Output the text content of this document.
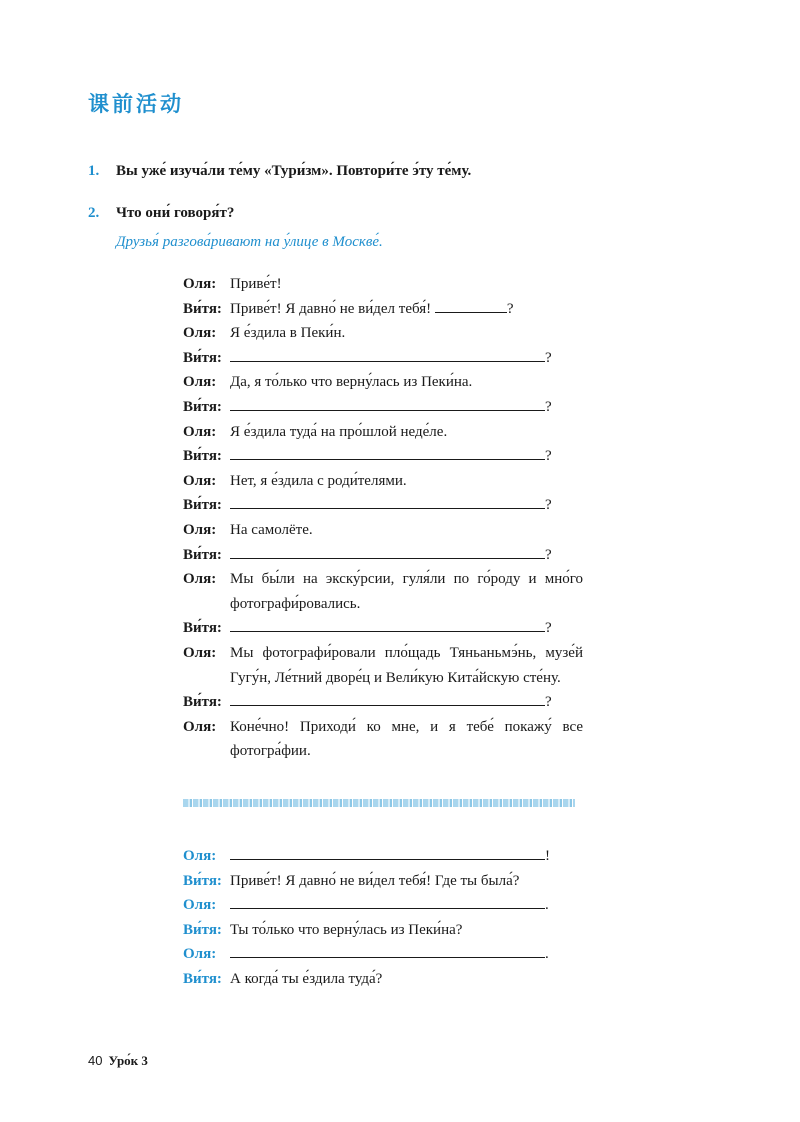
课前活动
1. Вы уже́ изуча́ли те́му «Тури́зм». Повтори́те э́ту те́му.
2. Что они́ говоря́т?
Друзья́ разгова́ривают на у́лице в Москве́.
Оля: Приве́т!
Ви́тя: Приве́т! Я давно́ не ви́дел тебя́!	?
Оля: Я е́здила в Пеки́н.
Ви́тя:	?
Оля: Да, я то́лько что верну́лась из Пеки́на.
Ви́тя:	?
Оля: Я е́здила туда́ на про́шлой неде́ле.
Ви́тя:	?
Оля: Нет, я е́здила с роди́телями.
Ви́тя:	?
Оля: На самолёте.
Ви́тя:	?
Оля: Мы бы́ли на экску́рсии, гуля́ли по го́роду и мно́го фотографи́ровались.
Ви́тя:	?
Оля: Мы фотографи́ровали пло́щадь Тяньаньмэ́нь, музе́й Гугу́н, Ле́тний дворе́ц и Вели́кую Кита́йскую сте́ну.
Ви́тя:	?
Оля: Коне́чно! Приходи́ ко мне, и я тебе́ покажу́ все фотогра́фии.
Оля:	!
Ви́тя: Приве́т! Я давно́ не ви́дел тебя́! Где ты была́?
Оля:	.
Ви́тя: Ты то́лько что верну́лась из Пеки́на?
Оля:	.
Ви́тя: А когда́ ты е́здила туда́?
40 Уро́к 3
